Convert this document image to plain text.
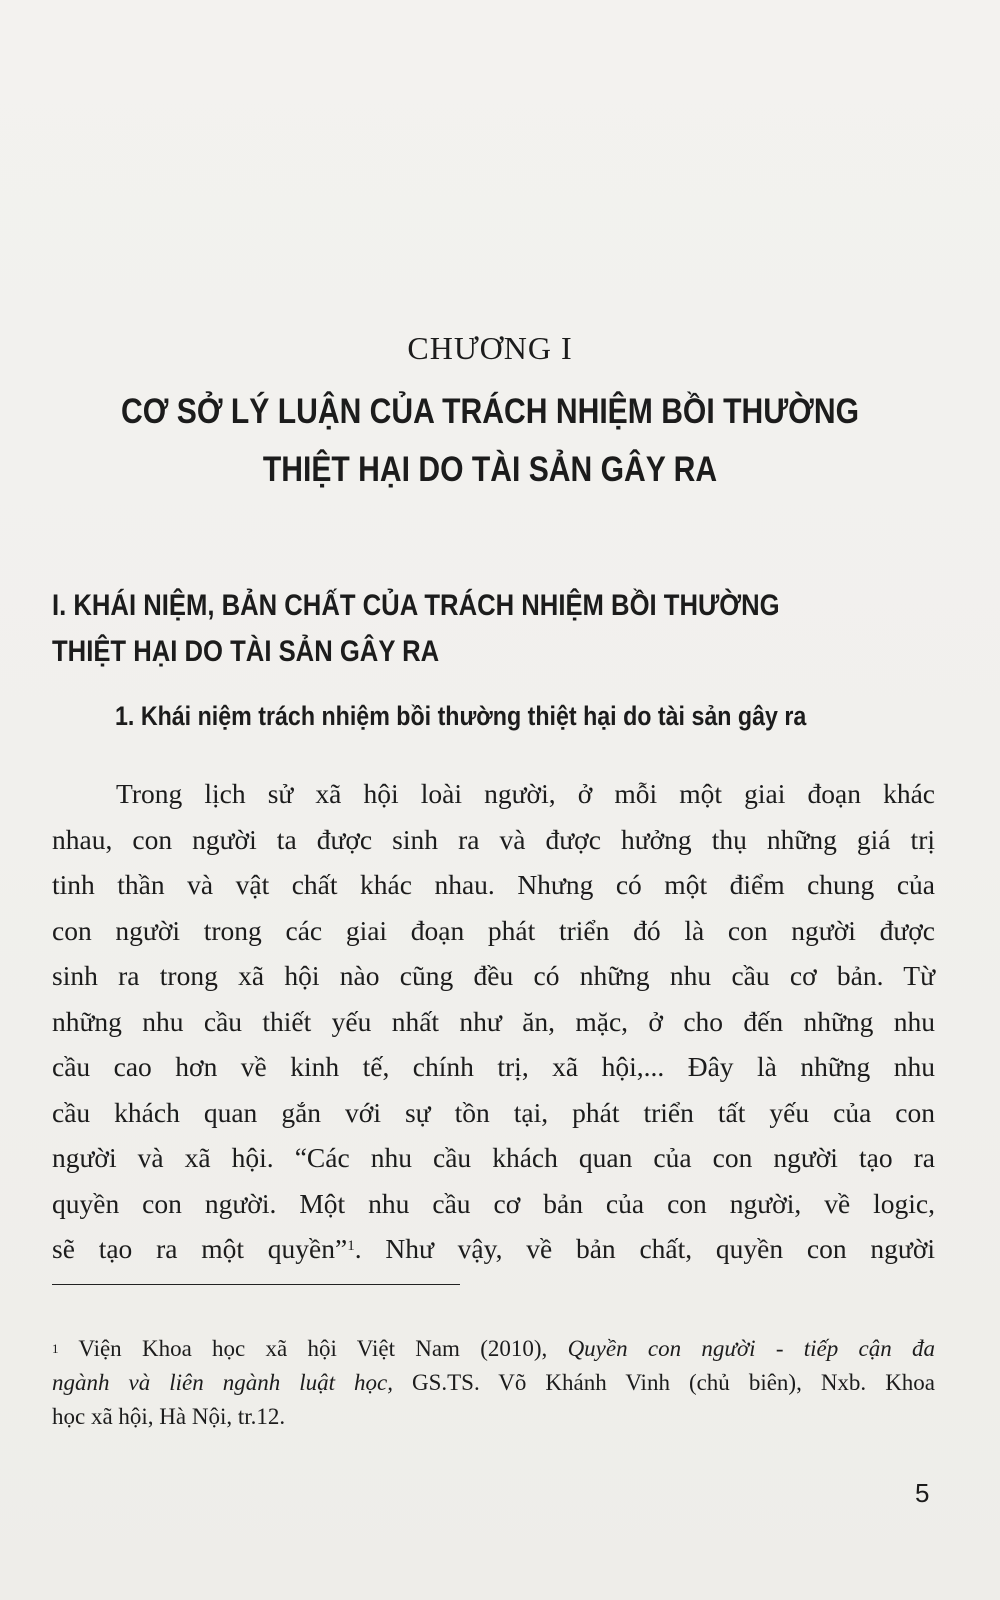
CHƯƠNG I
CƠ SỞ LÝ LUẬN CỦA TRÁCH NHIỆM BỒI THƯỜNG
THIỆT HẠI DO TÀI SẢN GÂY RA
I. KHÁI NIỆM, BẢN CHẤT CỦA TRÁCH NHIỆM BỒI THƯỜNG
THIỆT HẠI DO TÀI SẢN GÂY RA
1. Khái niệm trách nhiệm bồi thường thiệt hại do tài sản gây ra
Trong lịch sử xã hội loài người, ở mỗi một giai đoạn khác
nhau, con người ta được sinh ra và được hưởng thụ những giá trị
tinh thần và vật chất khác nhau. Nhưng có một điểm chung của
con người trong các giai đoạn phát triển đó là con người được
sinh ra trong xã hội nào cũng đều có những nhu cầu cơ bản. Từ
những nhu cầu thiết yếu nhất như ăn, mặc, ở cho đến những nhu
cầu cao hơn về kinh tế, chính trị, xã hội,... Đây là những nhu
cầu khách quan gắn với sự tồn tại, phát triển tất yếu của con
người và xã hội. “Các nhu cầu khách quan của con người tạo ra
quyền con người. Một nhu cầu cơ bản của con người, về logic,
sẽ tạo ra một quyền”$^1$. Như vậy, về bản chất, quyền con người
$^1$ Viện Khoa học xã hội Việt Nam (2010), Quyền con người - tiếp cận đa
ngành và liên ngành luật học, GS.TS. Võ Khánh Vinh (chủ biên), Nxb. Khoa
học xã hội, Hà Nội, tr.12.
5
